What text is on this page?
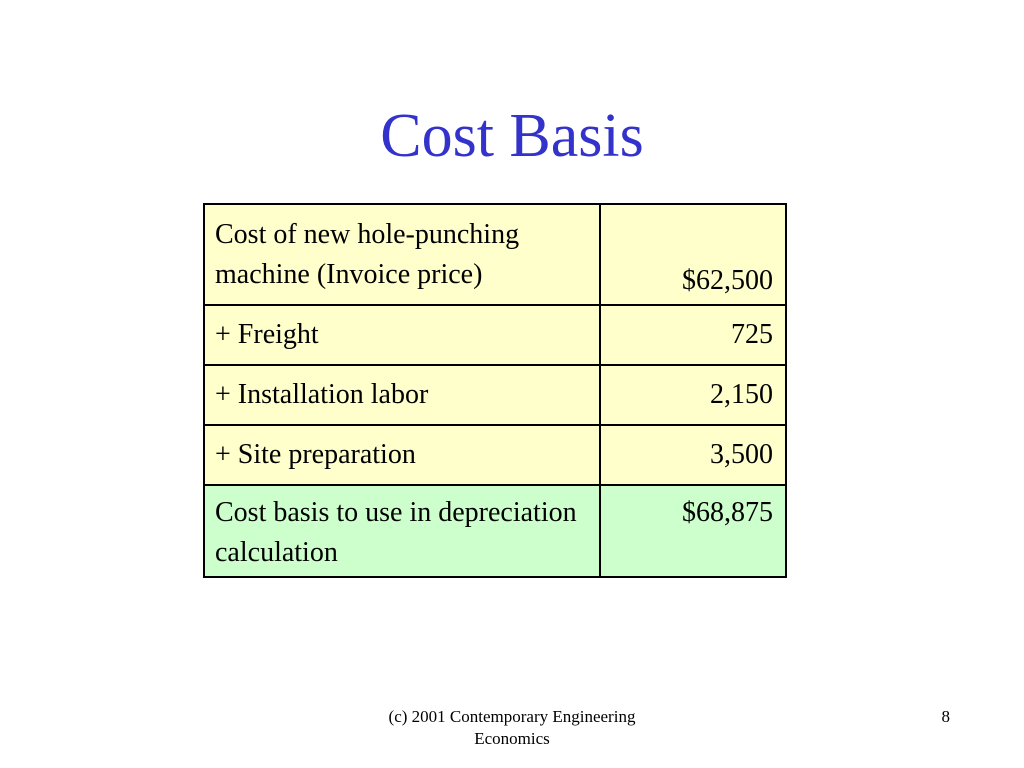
Cost Basis
Cost of new hole-punching machine (Invoice price)	$62,500
+ Freight	725
+ Installation labor	2,150
+ Site preparation	3,500
Cost basis to use in depreciation calculation	$68,875
(c) 2001 Contemporary Engineering
Economics
8
